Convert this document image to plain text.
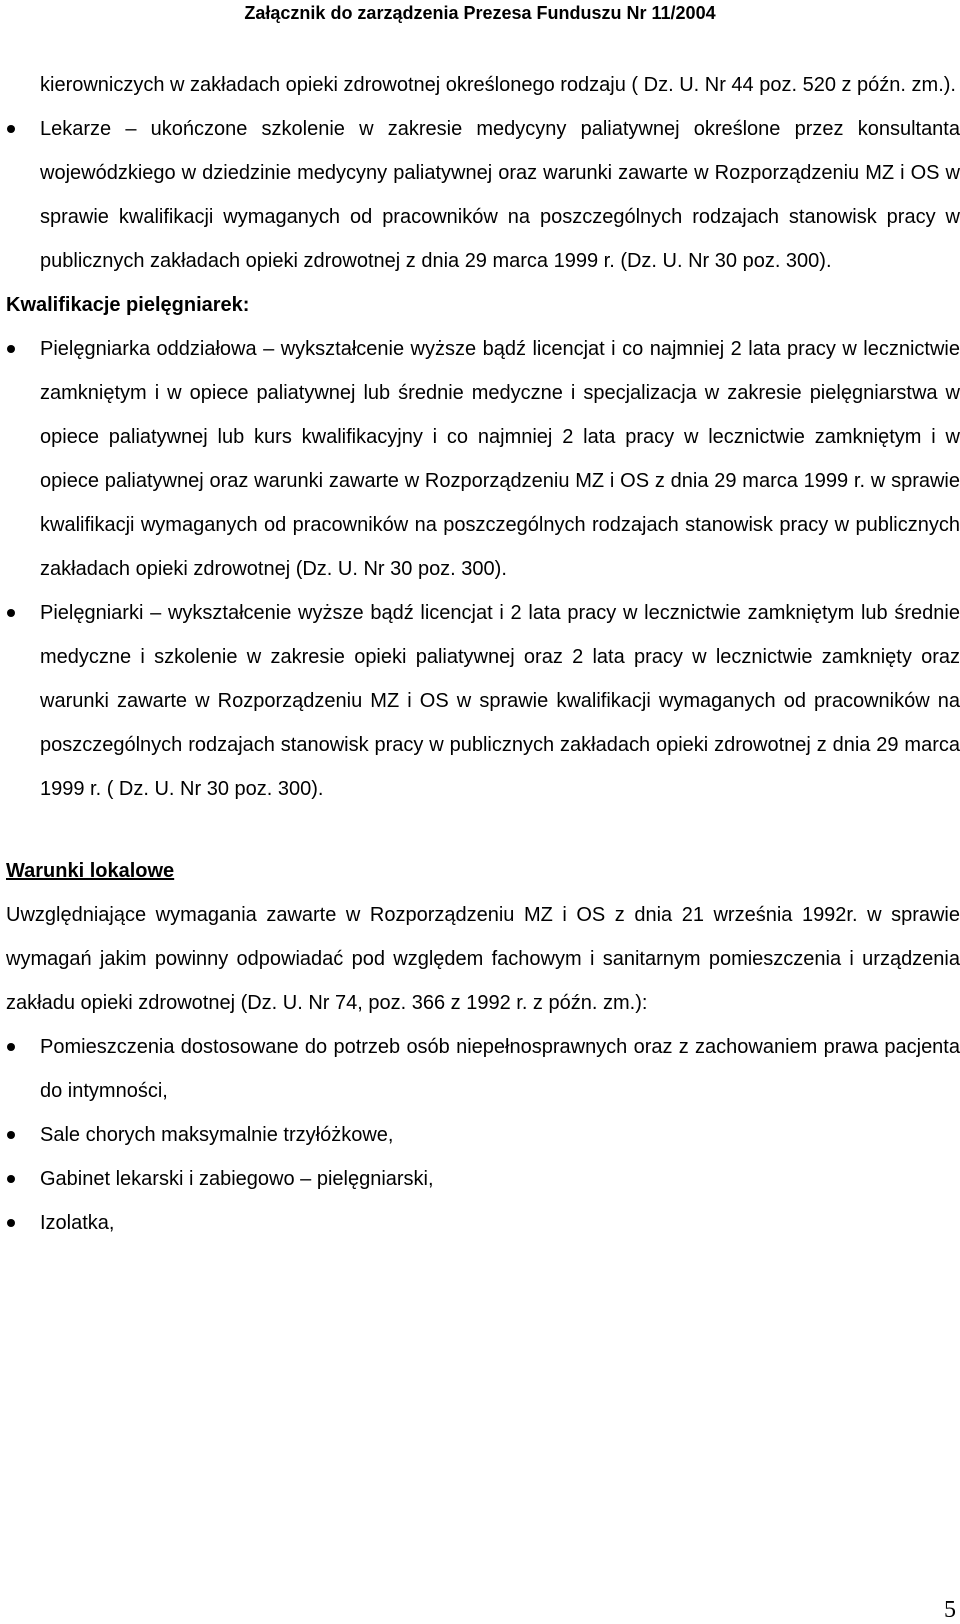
Załącznik do zarządzenia Prezesa Funduszu Nr 11/2004

kierowniczych w zakładach opieki zdrowotnej określonego rodzaju ( Dz. U. Nr 44 poz. 520 z późn. zm.).

Lekarze – ukończone szkolenie w zakresie medycyny paliatywnej określone przez konsultanta wojewódzkiego w dziedzinie medycyny paliatywnej oraz warunki zawarte w Rozporządzeniu MZ i OS w sprawie kwalifikacji wymaganych od pracowników na poszczególnych rodzajach stanowisk pracy w publicznych zakładach opieki zdrowotnej z dnia 29 marca 1999 r. (Dz. U. Nr 30 poz. 300).

Kwalifikacje pielęgniarek:

Pielęgniarka oddziałowa – wykształcenie wyższe bądź licencjat i co najmniej 2 lata pracy w lecznictwie zamkniętym i w opiece paliatywnej lub średnie medyczne i specjalizacja w zakresie pielęgniarstwa w opiece paliatywnej lub kurs kwalifikacyjny i co najmniej 2 lata pracy w lecznictwie zamkniętym i w opiece paliatywnej oraz warunki zawarte w Rozporządzeniu MZ i OS z dnia 29 marca 1999 r. w sprawie kwalifikacji wymaganych od pracowników na poszczególnych rodzajach stanowisk pracy w publicznych zakładach opieki zdrowotnej (Dz. U. Nr 30 poz. 300).
Pielęgniarki – wykształcenie wyższe bądź licencjat i 2 lata pracy w lecznictwie zamkniętym lub średnie medyczne i szkolenie w zakresie opieki paliatywnej oraz 2 lata pracy w lecznictwie zamknięty oraz warunki zawarte w Rozporządzeniu MZ i OS w sprawie kwalifikacji wymaganych od pracowników na poszczególnych rodzajach stanowisk pracy w publicznych zakładach opieki zdrowotnej z dnia 29 marca 1999 r. ( Dz. U. Nr 30 poz. 300).

Warunki lokalowe

Uwzględniające wymagania zawarte w Rozporządzeniu MZ i OS z dnia 21 września 1992r. w sprawie wymagań jakim powinny odpowiadać pod względem fachowym i sanitarnym pomieszczenia i urządzenia zakładu opieki zdrowotnej (Dz. U. Nr 74, poz. 366 z 1992 r. z późn. zm.):

Pomieszczenia dostosowane do potrzeb osób niepełnosprawnych oraz z zachowaniem prawa pacjenta do intymności,
Sale chorych maksymalnie trzyłóżkowe,
Gabinet lekarski i zabiegowo – pielęgniarski,
Izolatka,
5
